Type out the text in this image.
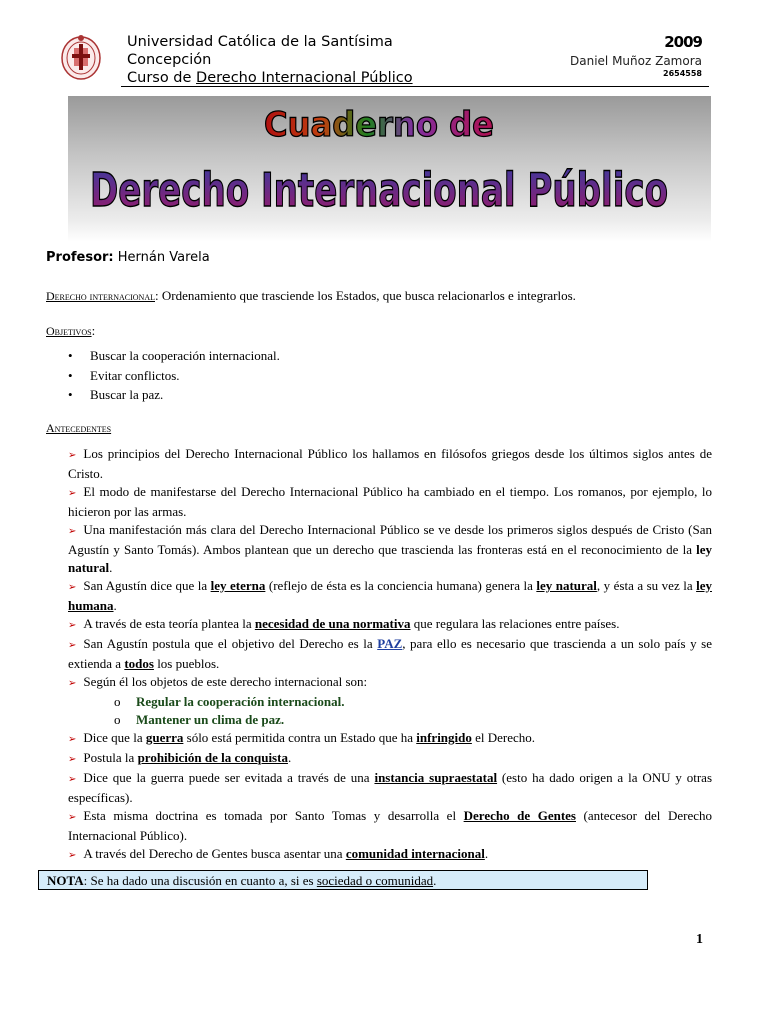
Universidad Católica de la Santísima
Concepción
Curso de Derecho Internacional Público
2009
Daniel Muñoz Zamora
2654558
Cuaderno de
Derecho Internacional Público
Profesor: Hernán Varela
Derecho internacional: Ordenamiento que trasciende los Estados, que busca relacionarlos e integrarlos.
Objetivos:
• Buscar la cooperación internacional.
• Evitar conflictos.
• Buscar la paz.
Antecedentes
➢ Los principios del Derecho Internacional Público los hallamos en filósofos griegos desde los últimos siglos antes de Cristo.
➢ El modo de manifestarse del Derecho Internacional Público ha cambiado en el tiempo. Los romanos, por ejemplo, lo hicieron por las armas.
➢ Una manifestación más clara del Derecho Internacional Público se ve desde los primeros siglos después de Cristo (San Agustín y Santo Tomás). Ambos plantean que un derecho que trascienda las fronteras está en el reconocimiento de la ley natural.
➢ San Agustín dice que la ley eterna (reflejo de ésta es la conciencia humana) genera la ley natural, y ésta a su vez la ley humana.
➢ A través de esta teoría plantea la necesidad de una normativa que regulara las relaciones entre países.
➢ San Agustín postula que el objetivo del Derecho es la PAZ, para ello es necesario que trascienda a un solo país y se extienda a todos los pueblos.
➢ Según él los objetos de este derecho internacional son:
o Regular la cooperación internacional.
o Mantener un clima de paz.
➢ Dice que la guerra sólo está permitida contra un Estado que ha infringido el Derecho.
➢ Postula la prohibición de la conquista.
➢ Dice que la guerra puede ser evitada a través de una instancia supraestatal (esto ha dado origen a la ONU y otras específicas).
➢ Esta misma doctrina es tomada por Santo Tomas y desarrolla el Derecho de Gentes (antecesor del Derecho Internacional Público).
➢ A través del Derecho de Gentes busca asentar una comunidad internacional.
NOTA: Se ha dado una discusión en cuanto a, si es sociedad o comunidad.
1
